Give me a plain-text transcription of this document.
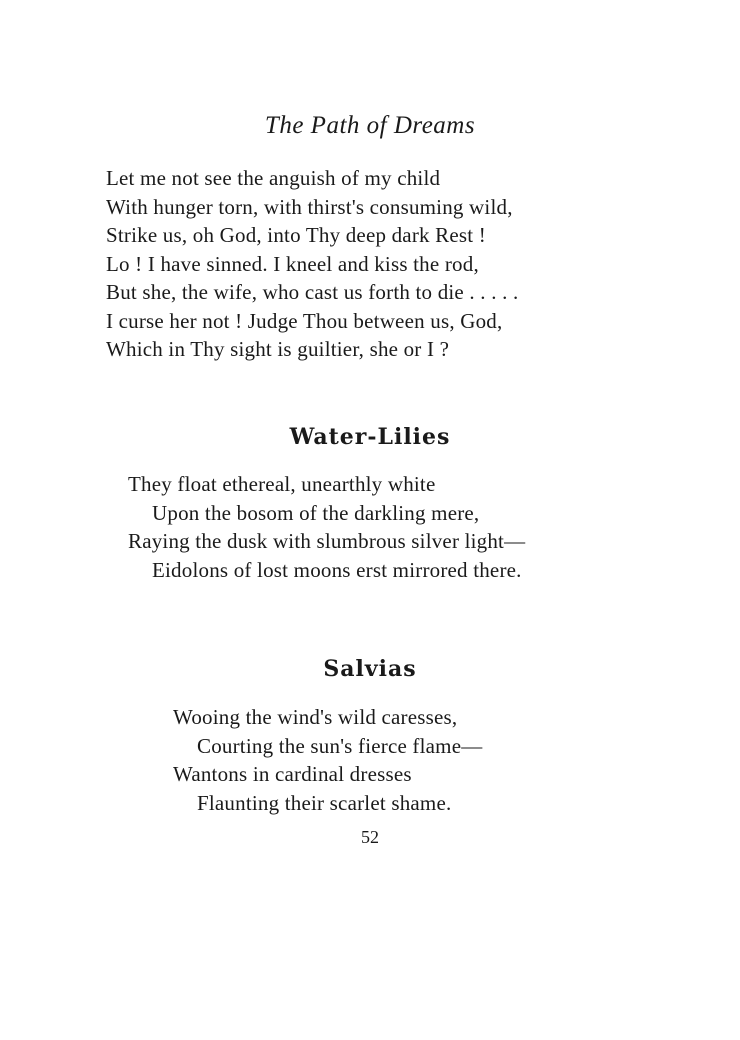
The Path of Dreams
Let me not see the anguish of my child
With hunger torn, with thirst's consuming wild,
Strike us, oh God, into Thy deep dark Rest !
Lo ! I have sinned. I kneel and kiss the rod,
But she, the wife, who cast us forth to die . . . . .
I curse her not ! Judge Thou between us, God,
Which in Thy sight is guiltier, she or I ?
Water-Lilies
They float ethereal, unearthly white
Upon the bosom of the darkling mere,
Raying the dusk with slumbrous silver light—
Eidolons of lost moons erst mirrored there.
Salvias
Wooing the wind's wild caresses,
Courting the sun's fierce flame—
Wantons in cardinal dresses
Flaunting their scarlet shame.
52
